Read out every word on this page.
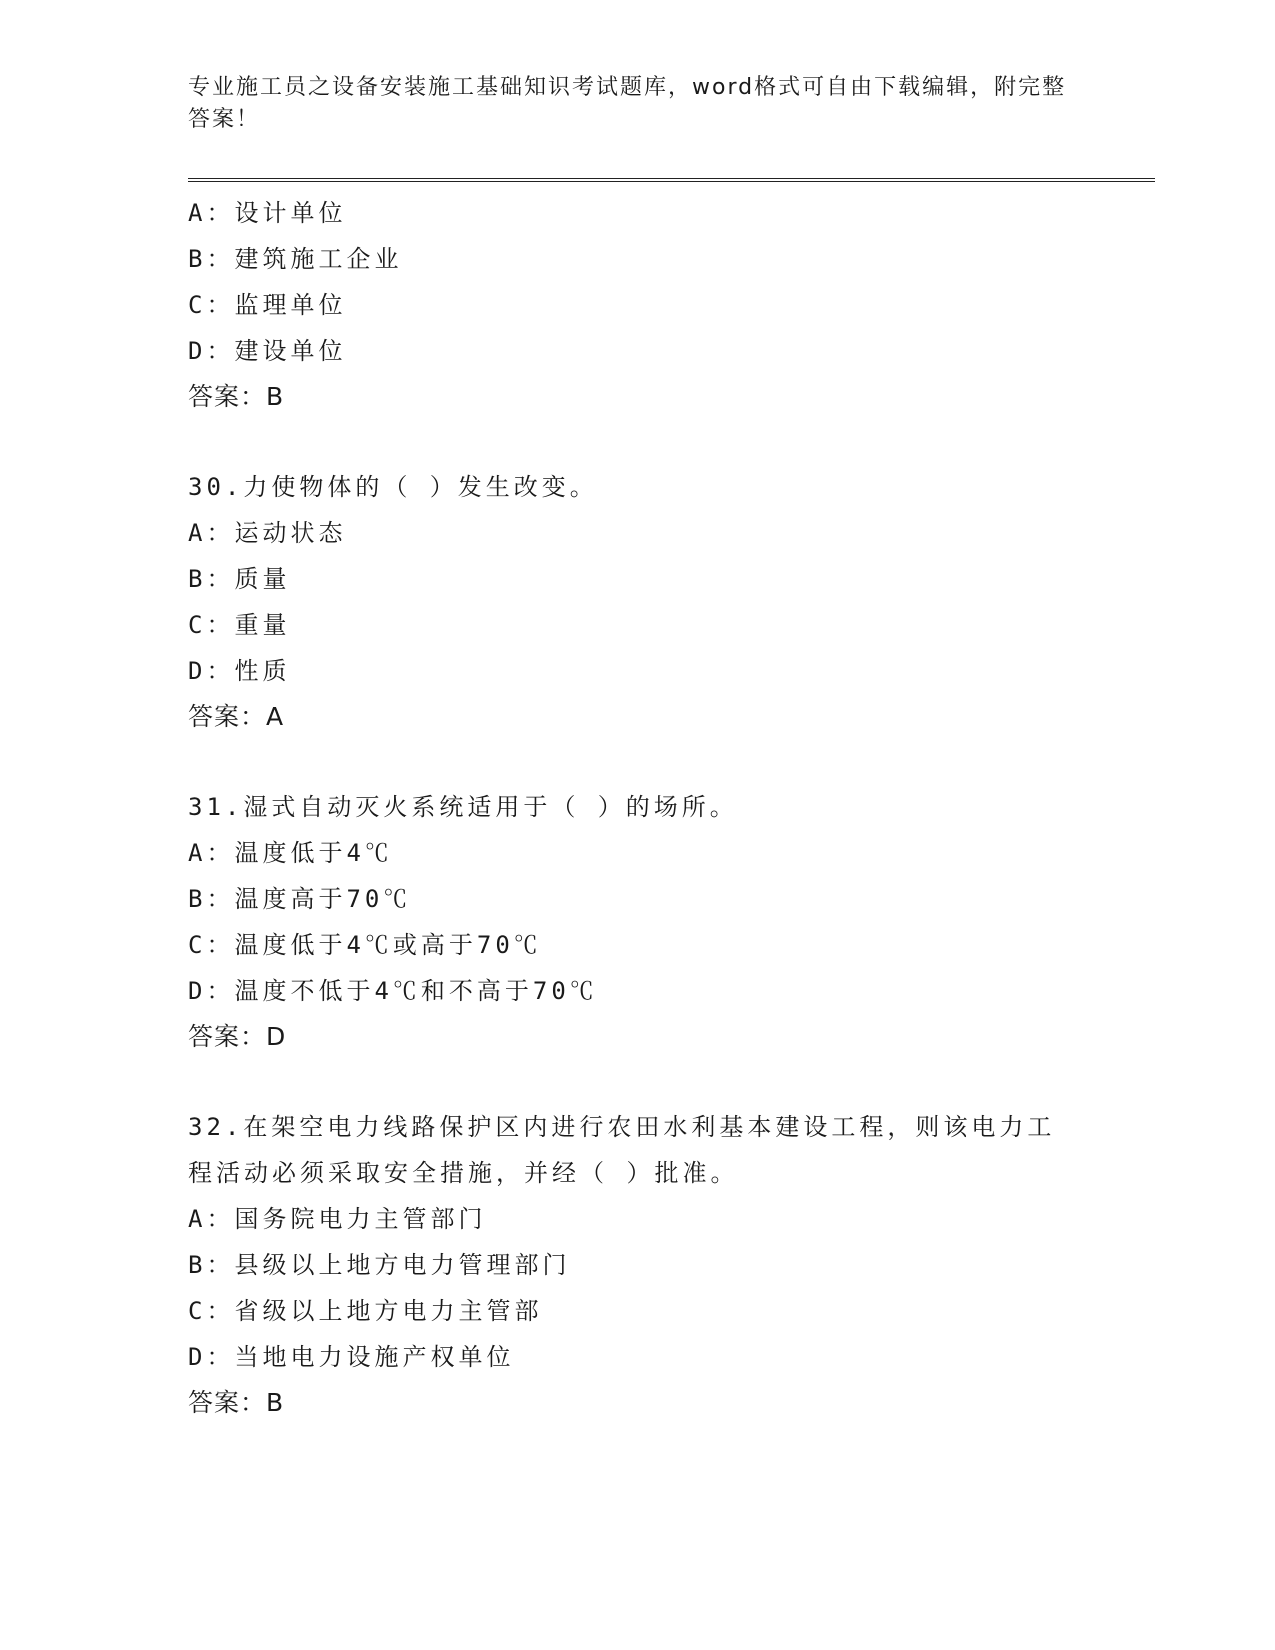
专业施工员之设备安装施工基础知识考试题库，word格式可自由下载编辑，附完整答案！
A：设计单位
B：建筑施工企业
C：监理单位
D：建设单位
答案：B
30.力使物体的（ ）发生改变。
A：运动状态
B：质量
C：重量
D：性质
答案：A
31.湿式自动灭火系统适用于（ ）的场所。
A：温度低于4℃
B：温度高于70℃
C：温度低于4℃或高于70℃
D：温度不低于4℃和不高于70℃
答案：D
32.在架空电力线路保护区内进行农田水利基本建设工程，则该电力工程活动必须采取安全措施，并经（ ）批准。
A：国务院电力主管部门
B：县级以上地方电力管理部门
C：省级以上地方电力主管部
D：当地电力设施产权单位
答案：B
